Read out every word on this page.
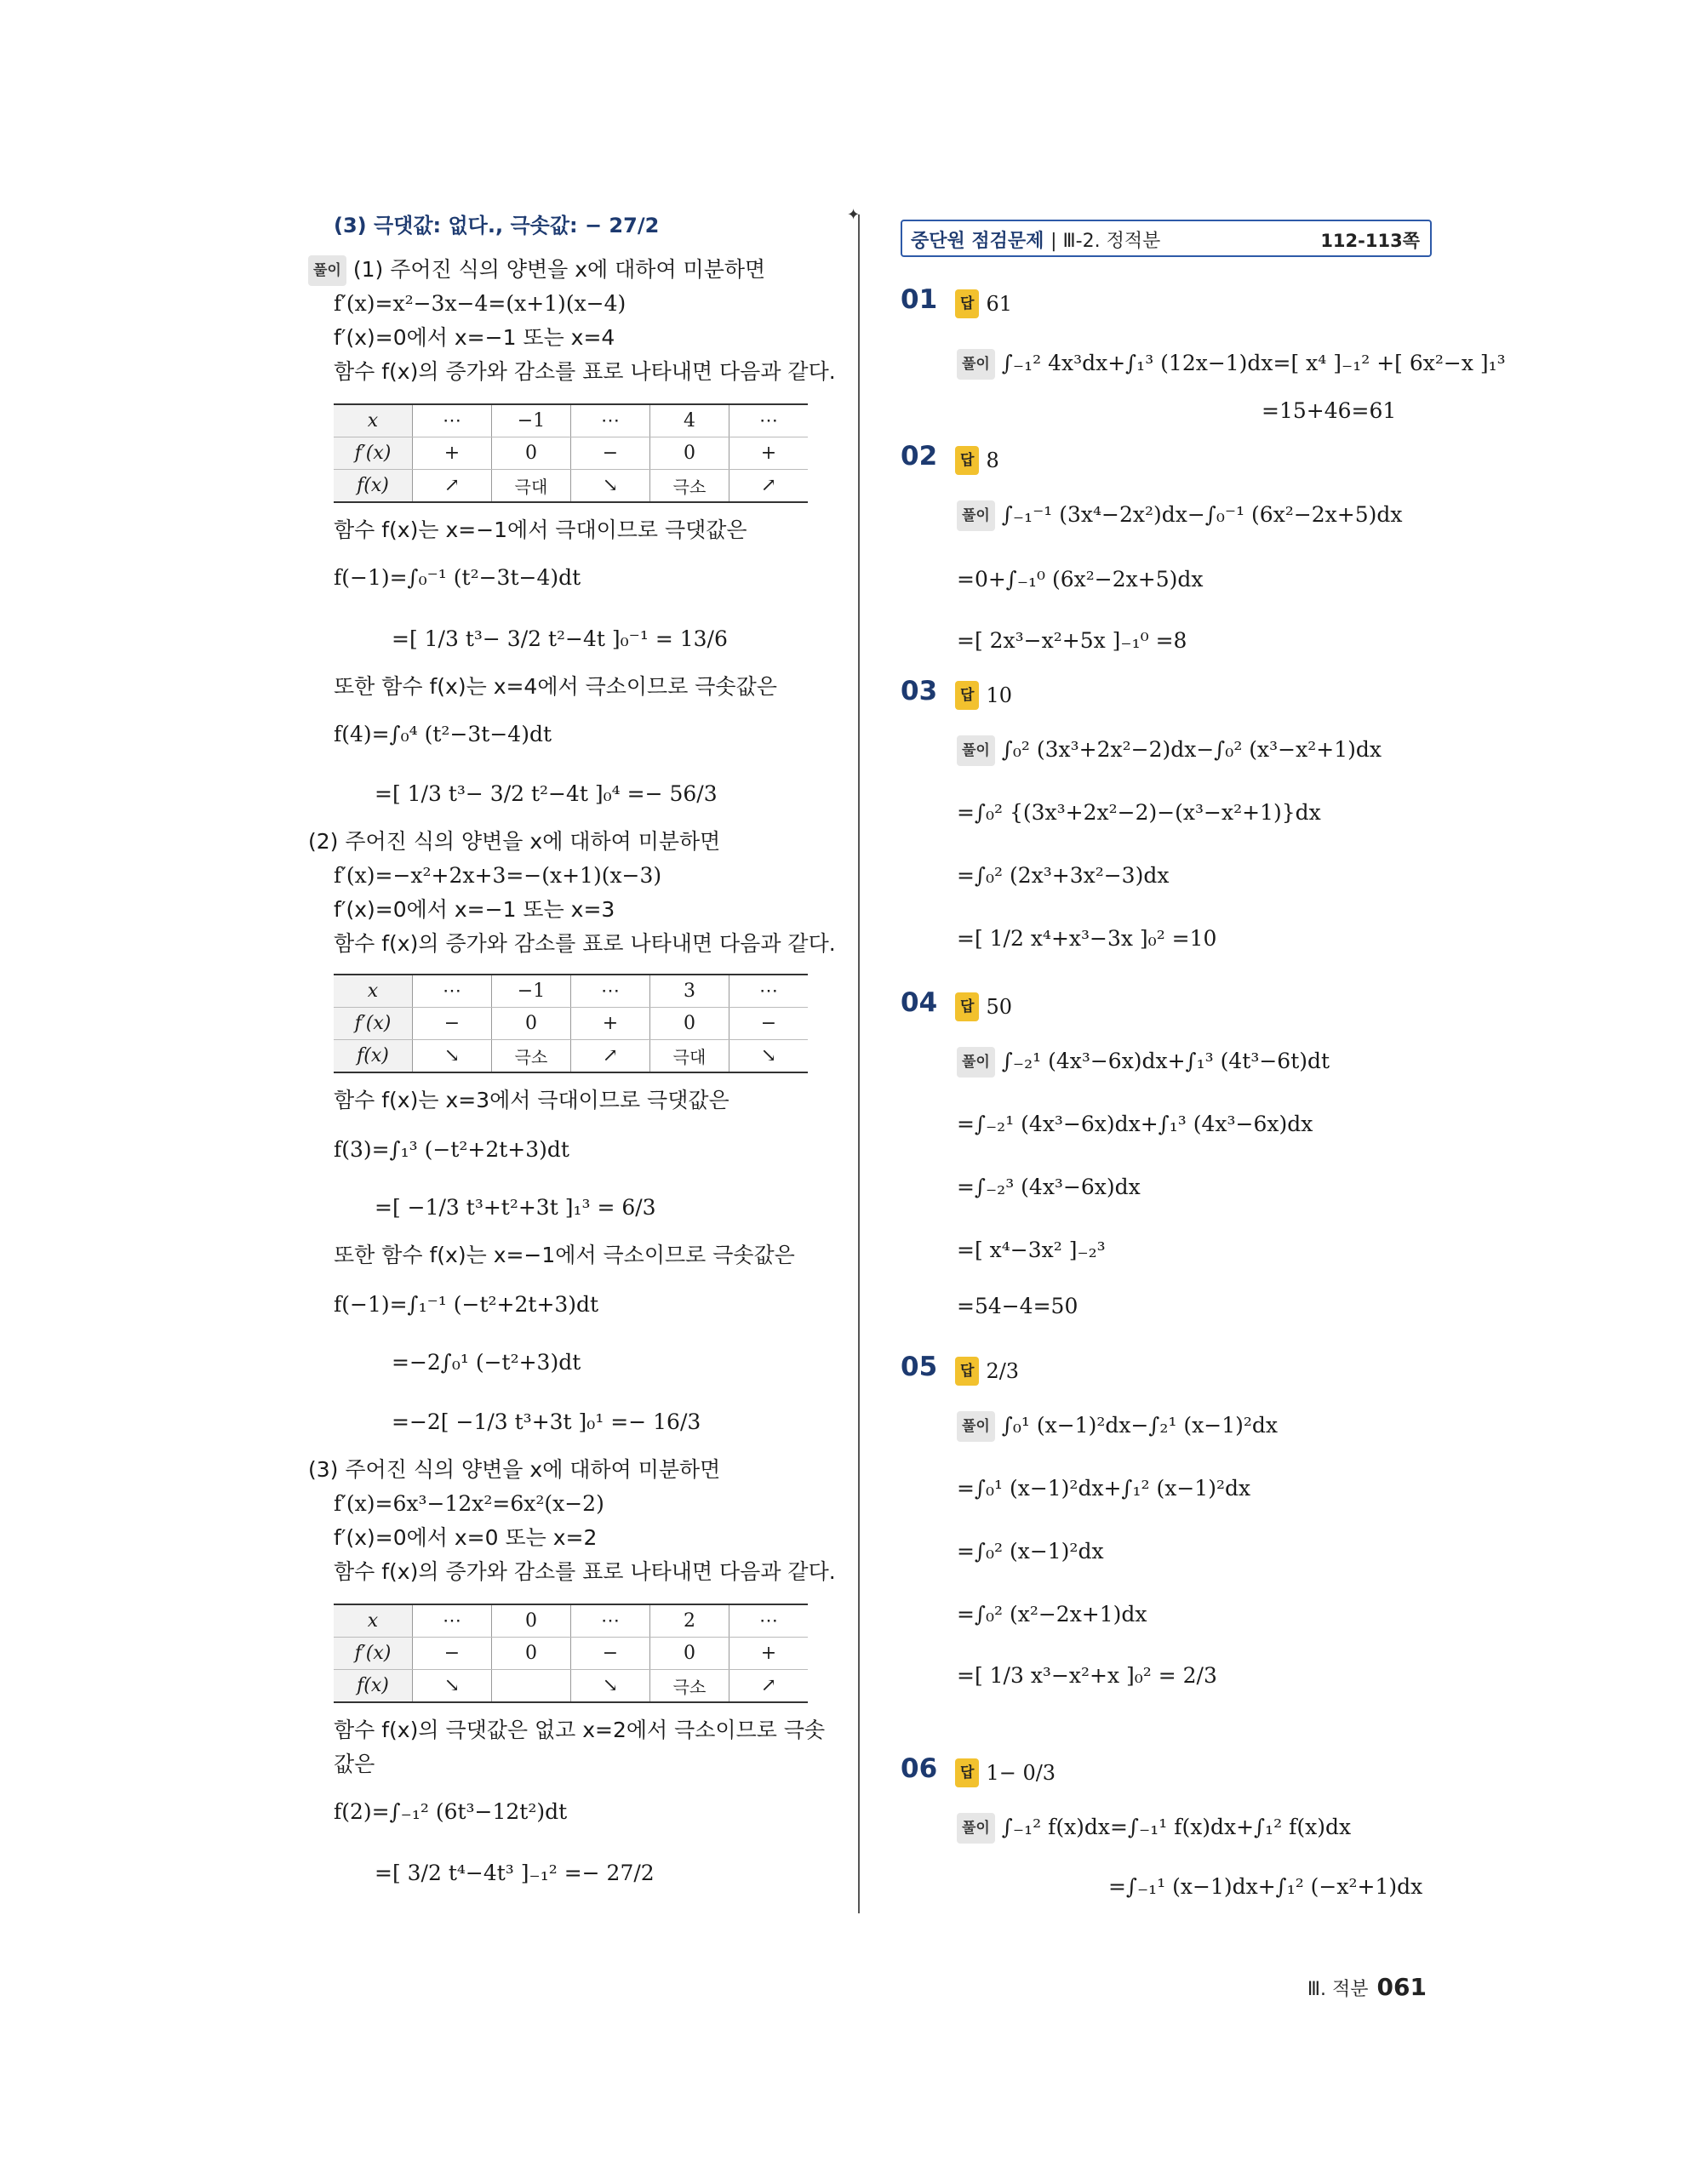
✦
(3) 극댓값: 없다., 극솟값: − 27/2
풀이 (1) 주어진 식의 양변을 x에 대하여 미분하면
f′(x)=x²−3x−4=(x+1)(x−4)
f′(x)=0에서 x=−1 또는 x=4
함수 f(x)의 증가와 감소를 표로 나타내면 다음과 같다.
x	⋯	−1	⋯	4	⋯
f′(x)	+	0	−	0	+
f(x)	↗	극대	↘	극소	↗
함수 f(x)는 x=−1에서 극대이므로 극댓값은
f(−1)=∫₀⁻¹ (t²−3t−4)dt
=[ 1/3 t³− 3/2 t²−4t ]₀⁻¹ = 13/6
또한 함수 f(x)는 x=4에서 극소이므로 극솟값은
f(4)=∫₀⁴ (t²−3t−4)dt
=[ 1/3 t³− 3/2 t²−4t ]₀⁴ =− 56/3
(2) 주어진 식의 양변을 x에 대하여 미분하면
f′(x)=−x²+2x+3=−(x+1)(x−3)
f′(x)=0에서 x=−1 또는 x=3
함수 f(x)의 증가와 감소를 표로 나타내면 다음과 같다.
x	⋯	−1	⋯	3	⋯
f′(x)	−	0	+	0	−
f(x)	↘	극소	↗	극대	↘
함수 f(x)는 x=3에서 극대이므로 극댓값은
f(3)=∫₁³ (−t²+2t+3)dt
=[ −1/3 t³+t²+3t ]₁³ = 6/3
또한 함수 f(x)는 x=−1에서 극소이므로 극솟값은
f(−1)=∫₁⁻¹ (−t²+2t+3)dt
=−2∫₀¹ (−t²+3)dt
=−2[ −1/3 t³+3t ]₀¹ =− 16/3
(3) 주어진 식의 양변을 x에 대하여 미분하면
f′(x)=6x³−12x²=6x²(x−2)
f′(x)=0에서 x=0 또는 x=2
함수 f(x)의 증가와 감소를 표로 나타내면 다음과 같다.
x	⋯	0	⋯	2	⋯
f′(x)	−	0	−	0	+
f(x)	↘		↘	극소	↗
함수 f(x)의 극댓값은 없고 x=2에서 극소이므로 극솟
값은
f(2)=∫₋₁² (6t³−12t²)dt
=[ 3/2 t⁴−4t³ ]₋₁² =− 27/2
중단원 점검문제 | Ⅲ-2. 정적분	112-113쪽
01	답 61
풀이 ∫₋₁² 4x³dx+∫₁³ (12x−1)dx=[ x⁴ ]₋₁² +[ 6x²−x ]₁³
=15+46=61
02	답 8
풀이 ∫₋₁⁻¹ (3x⁴−2x²)dx−∫₀⁻¹ (6x²−2x+5)dx
=0+∫₋₁⁰ (6x²−2x+5)dx
=[ 2x³−x²+5x ]₋₁⁰ =8
03	답 10
풀이 ∫₀² (3x³+2x²−2)dx−∫₀² (x³−x²+1)dx
=∫₀² {(3x³+2x²−2)−(x³−x²+1)}dx
=∫₀² (2x³+3x²−3)dx
=[ 1/2 x⁴+x³−3x ]₀² =10
04	답 50
풀이 ∫₋₂¹ (4x³−6x)dx+∫₁³ (4t³−6t)dt
=∫₋₂¹ (4x³−6x)dx+∫₁³ (4x³−6x)dx
=∫₋₂³ (4x³−6x)dx
=[ x⁴−3x² ]₋₂³
=54−4=50
05	답 2/3
풀이 ∫₀¹ (x−1)²dx−∫₂¹ (x−1)²dx
=∫₀¹ (x−1)²dx+∫₁² (x−1)²dx
=∫₀² (x−1)²dx
=∫₀² (x²−2x+1)dx
=[ 1/3 x³−x²+x ]₀² = 2/3
06	답 1− 0/3
풀이 ∫₋₁² f(x)dx=∫₋₁¹ f(x)dx+∫₁² f(x)dx
=∫₋₁¹ (x−1)dx+∫₁² (−x²+1)dx
Ⅲ. 적분 061
